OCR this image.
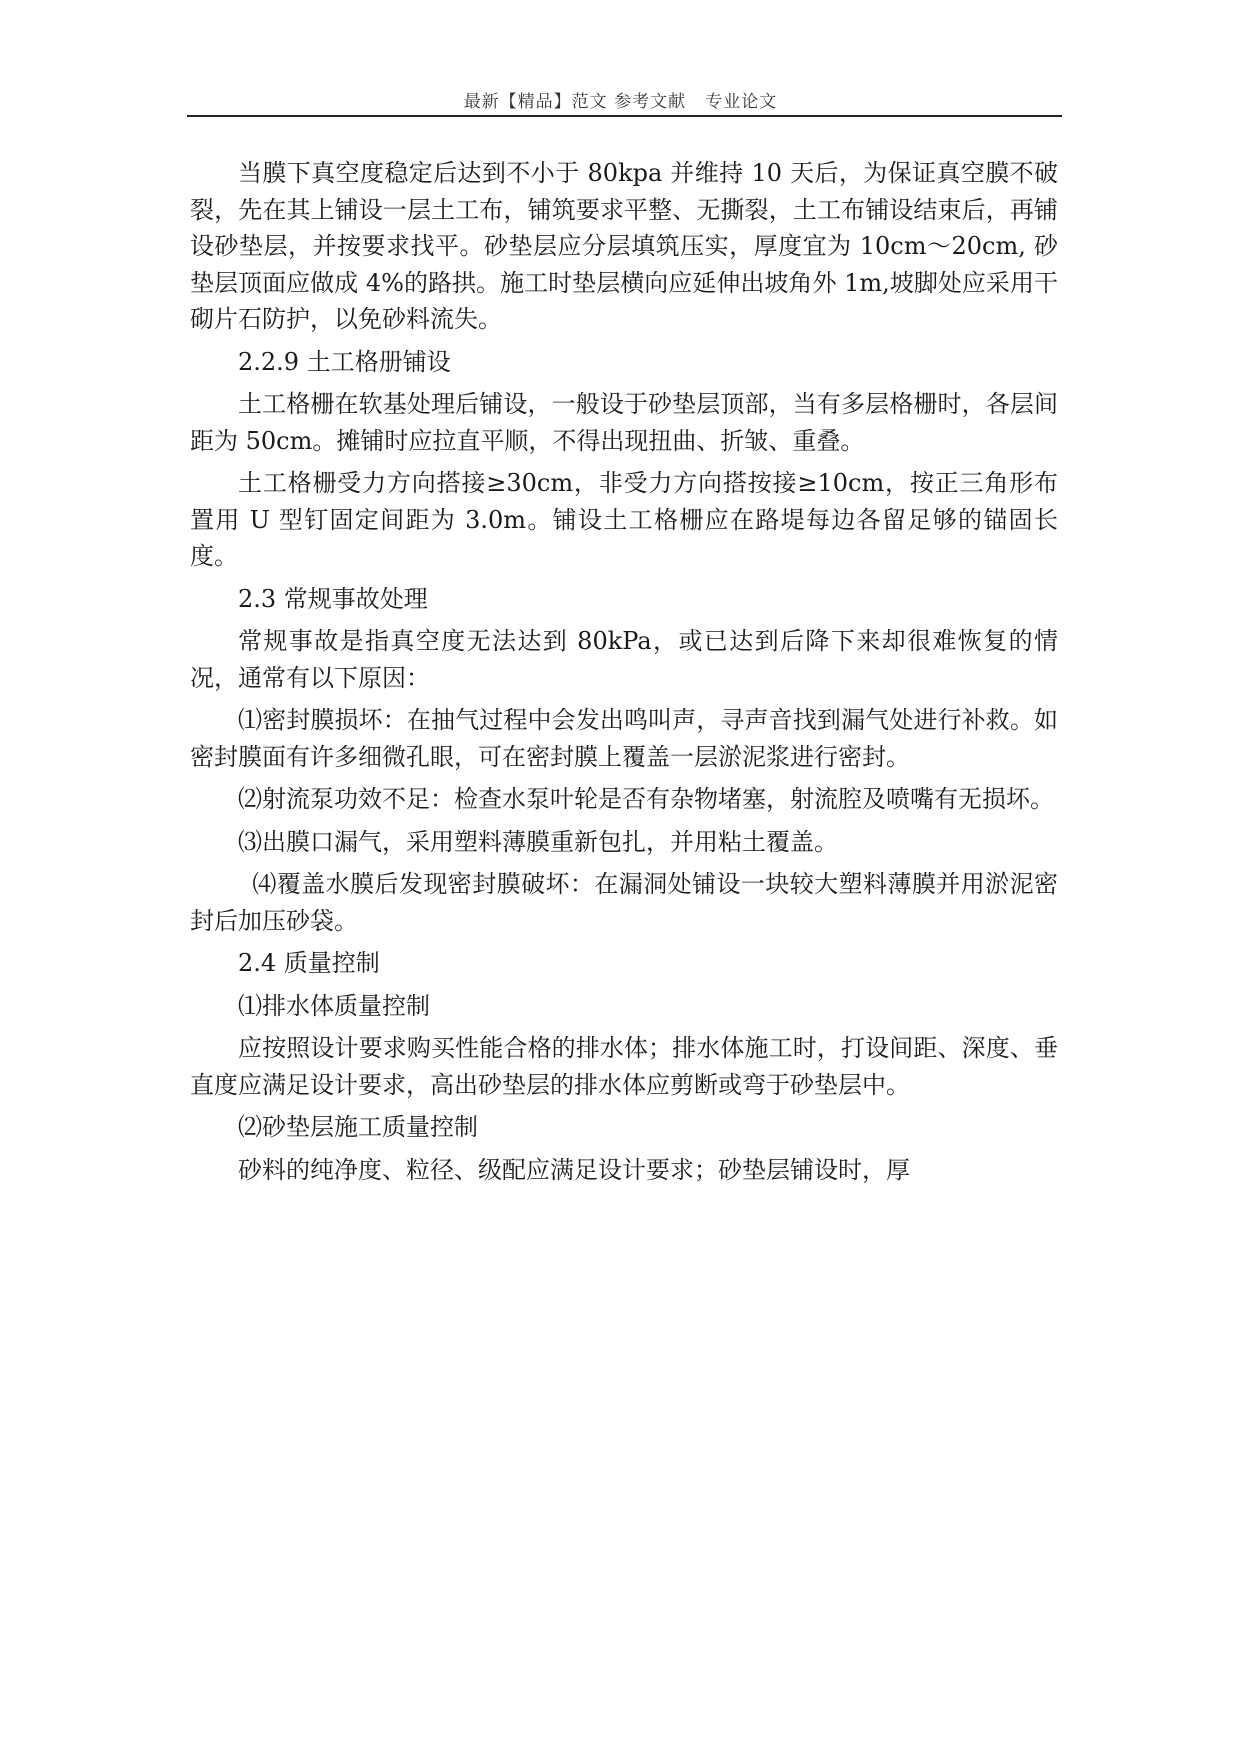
最新【精品】范文 参考文献   专业论文

当膜下真空度稳定后达到不小于 80kpa 并维持 10 天后，为保证真空膜不破裂，先在其上铺设一层土工布，铺筑要求平整、无撕裂，土工布铺设结束后，再铺设砂垫层，并按要求找平。砂垫层应分层填筑压实，厚度宜为 10cm～20cm, 砂垫层顶面应做成 4%的路拱。施工时垫层横向应延伸出坡角外 1m,坡脚处应采用干砌片石防护，以免砂料流失。

2.2.9 土工格册铺设

土工格栅在软基处理后铺设，一般设于砂垫层顶部，当有多层格栅时，各层间距为 50cm。摊铺时应拉直平顺，不得出现扭曲、折皱、重叠。

土工格栅受力方向搭接≥30cm，非受力方向搭按接≥10cm，按正三角形布置用 U 型钉固定间距为 3.0m。铺设土工格栅应在路堤每边各留足够的锚固长度。

2.3 常规事故处理

常规事故是指真空度无法达到 80kPa，或已达到后降下来却很难恢复的情况，通常有以下原因：

⑴密封膜损坏：在抽气过程中会发出鸣叫声，寻声音找到漏气处进行补救。如密封膜面有许多细微孔眼，可在密封膜上覆盖一层淤泥浆进行密封。

⑵射流泵功效不足：检查水泵叶轮是否有杂物堵塞，射流腔及喷嘴有无损坏。

⑶出膜口漏气，采用塑料薄膜重新包扎，并用粘土覆盖。

⑷覆盖水膜后发现密封膜破坏：在漏洞处铺设一块较大塑料薄膜并用淤泥密封后加压砂袋。

2.4 质量控制

⑴排水体质量控制

应按照设计要求购买性能合格的排水体；排水体施工时，打设间距、深度、垂直度应满足设计要求，高出砂垫层的排水体应剪断或弯于砂垫层中。

⑵砂垫层施工质量控制

砂料的纯净度、粒径、级配应满足设计要求；砂垫层铺设时，厚
